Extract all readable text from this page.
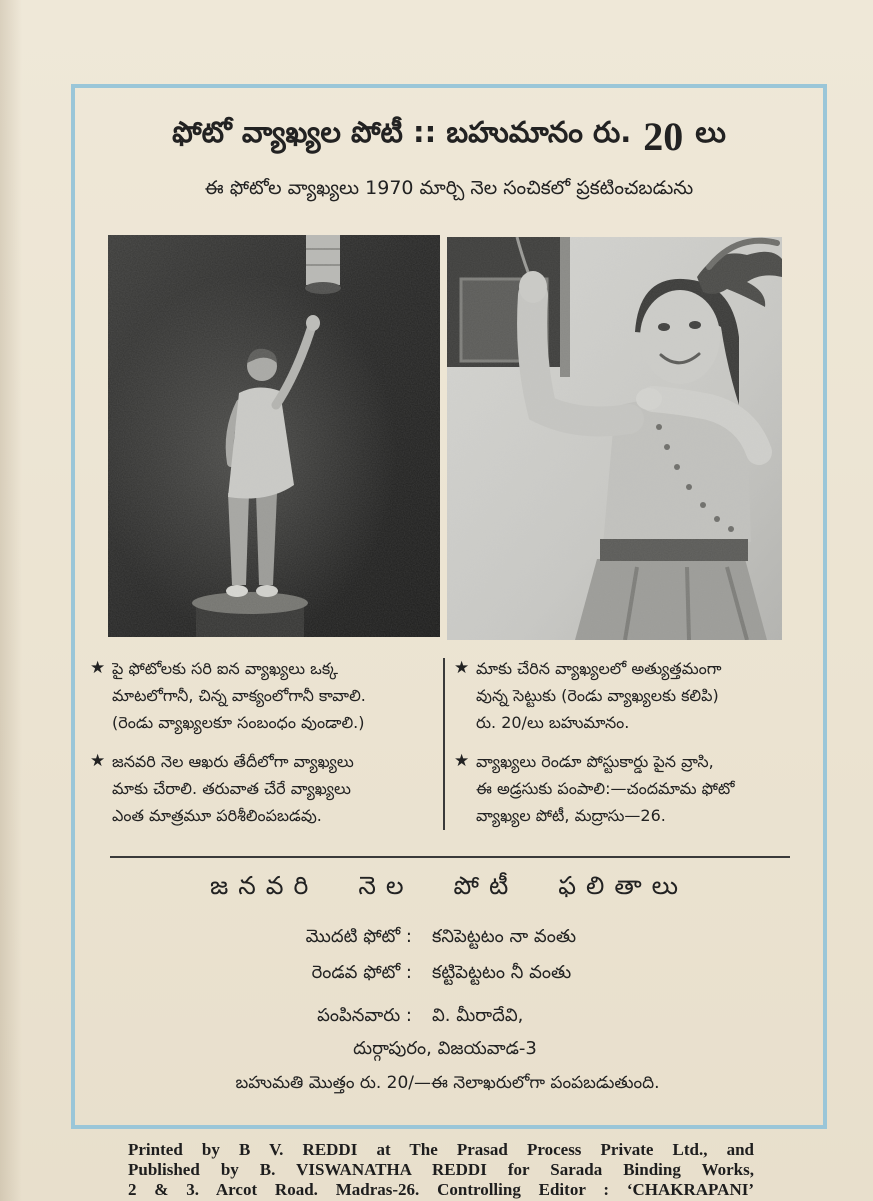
ఫోటో వ్యాఖ్యల పోటీ :: బహుమానం రు. 20 లు
ఈ ఫోటోల వ్యాఖ్యలు 1970 మార్చి నెల సంచికలో ప్రకటించబడును
★ పై ఫోటోలకు సరి ఐన వ్యాఖ్యలు ఒక్క
మాటలోగానీ, చిన్న వాక్యంలోగానీ కావాలి.
(రెండు వ్యాఖ్యలకూ సంబంధం వుండాలి.)
★ జనవరి నెల ఆఖరు తేదీలోగా వ్యాఖ్యలు
మాకు చేరాలి. తరువాత చేరే వ్యాఖ్యలు
ఎంత మాత్రమూ పరిశీలింపబడవు.
★ మాకు చేరిన వ్యాఖ్యలలో అత్యుత్తమంగా
వున్న సెట్టుకు (రెండు వ్యాఖ్యలకు కలిపి)
రు. 20/లు బహుమానం.
★ వ్యాఖ్యలు రెండూ పోస్టుకార్డు పైన వ్రాసి,
ఈ అడ్రసుకు పంపాలి:—చందమామ ఫోటో
వ్యాఖ్యల పోటీ, మద్రాసు—26.
జనవరి నెల పోటీ ఫలితాలు
మొదటి ఫోటో : కనిపెట్టటం నా వంతు
రెండవ ఫోటో : కట్టిపెట్టటం నీ వంతు
పంపినవారు : వి. మీరాదేవి,
దుర్గాపురం, విజయవాడ-3
బహుమతి మొత్తం రు. 20/—ఈ నెలాఖరులోగా పంపబడుతుంది.
Printed by B V. REDDI at The Prasad Process Private Ltd., and
Published by B. VISWANATHA REDDI for Sarada Binding Works,
2 & 3. Arcot Road. Madras-26. Controlling Editor : ‘CHAKRAPANI’
